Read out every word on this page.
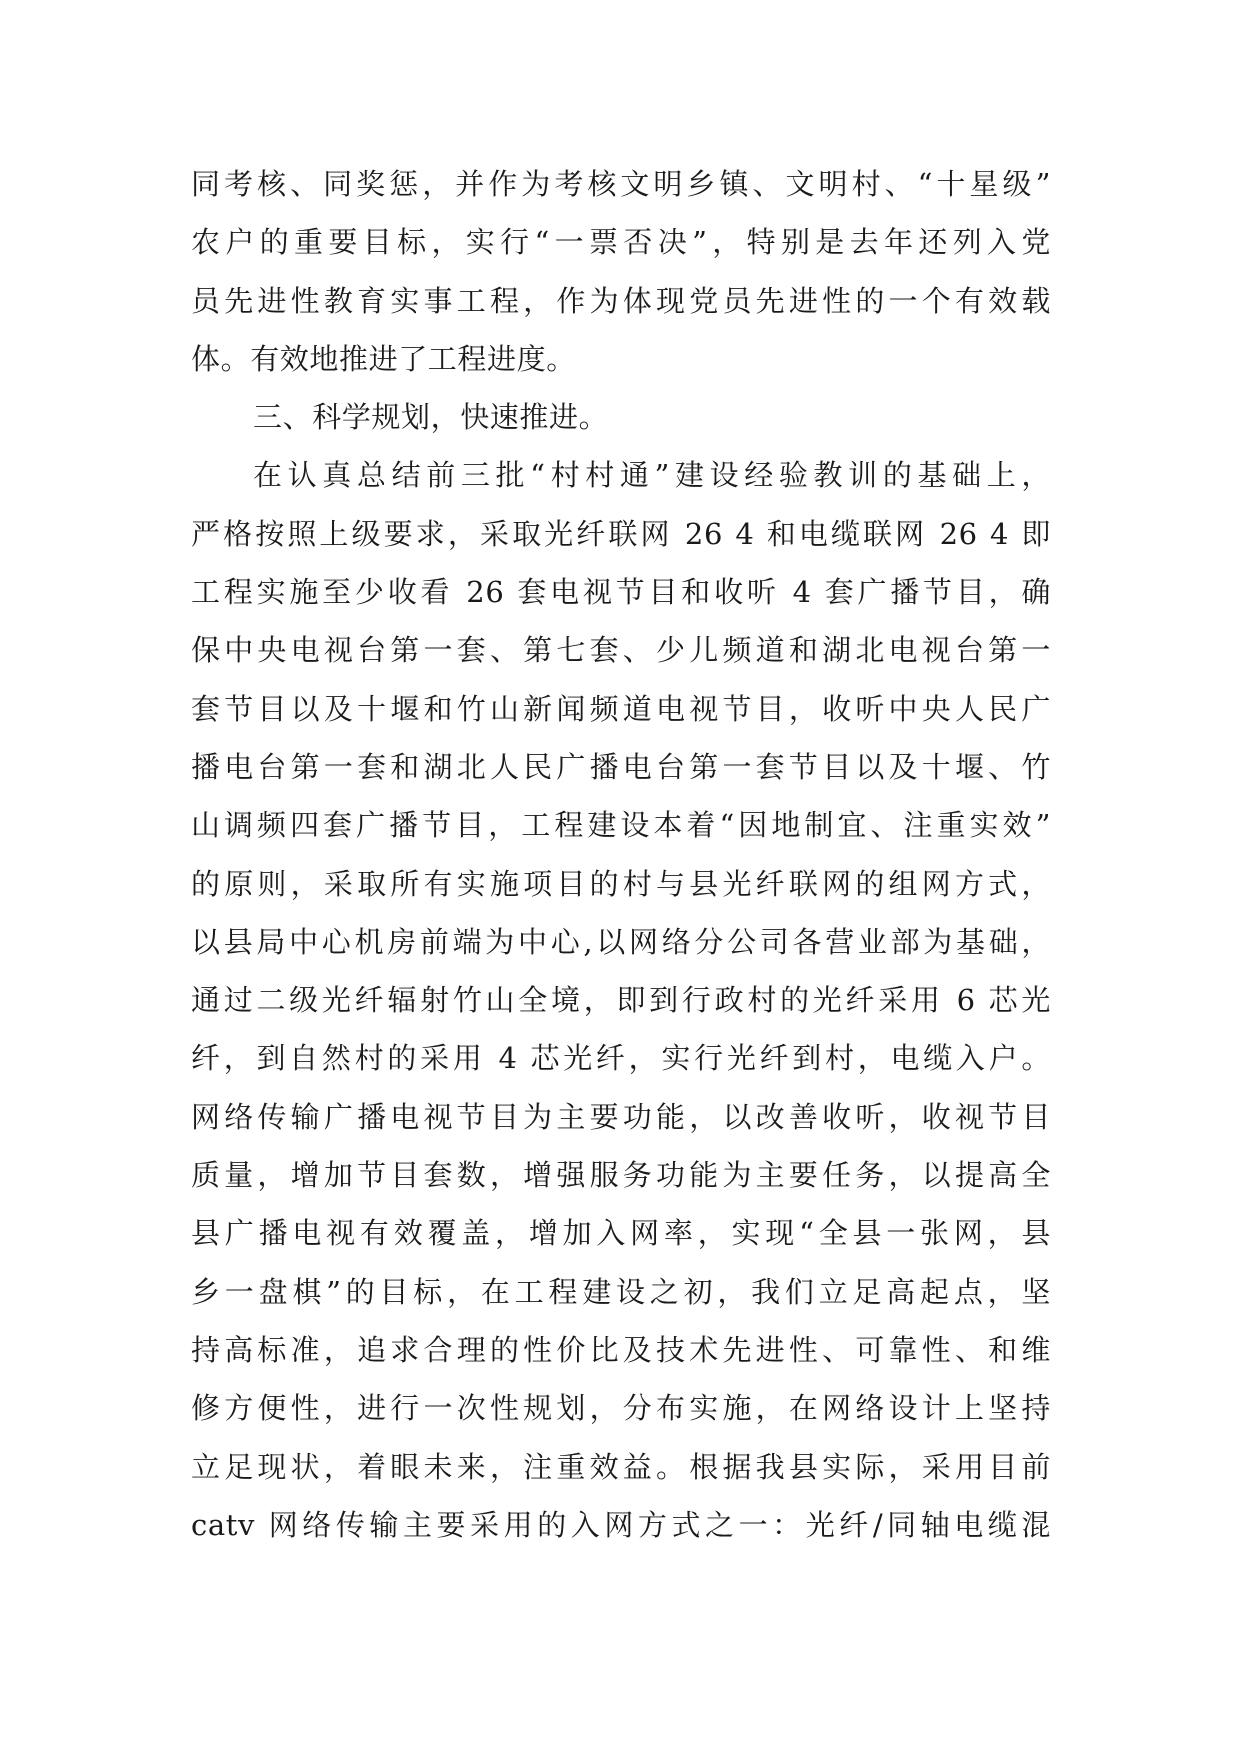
同考核、同奖惩，并作为考核文明乡镇、文明村、“十星级”
农户的重要目标，实行“一票否决”，特别是去年还列入党
员先进性教育实事工程，作为体现党员先进性的一个有效载
体。有效地推进了工程进度。
三、科学规划，快速推进。
在认真总结前三批“村村通”建设经验教训的基础上，
严格按照上级要求，采取光纤联网 26 4 和电缆联网 26 4 即
工程实施至少收看 26 套电视节目和收听 4 套广播节目，确
保中央电视台第一套、第七套、少儿频道和湖北电视台第一
套节目以及十堰和竹山新闻频道电视节目，收听中央人民广
播电台第一套和湖北人民广播电台第一套节目以及十堰、竹
山调频四套广播节目，工程建设本着“因地制宜、注重实效”
的原则，采取所有实施项目的村与县光纤联网的组网方式，
以县局中心机房前端为中心,以网络分公司各营业部为基础，
通过二级光纤辐射竹山全境，即到行政村的光纤采用 6 芯光
纤，到自然村的采用 4 芯光纤，实行光纤到村，电缆入户。
网络传输广播电视节目为主要功能，以改善收听，收视节目
质量，增加节目套数，增强服务功能为主要任务，以提高全
县广播电视有效覆盖，增加入网率，实现“全县一张网，县
乡一盘棋”的目标，在工程建设之初，我们立足高起点，坚
持高标准，追求合理的性价比及技术先进性、可靠性、和维
修方便性，进行一次性规划，分布实施，在网络设计上坚持
立足现状，着眼未来，注重效益。根据我县实际，采用目前
catv 网络传输主要采用的入网方式之一：光纤/同轴电缆混
